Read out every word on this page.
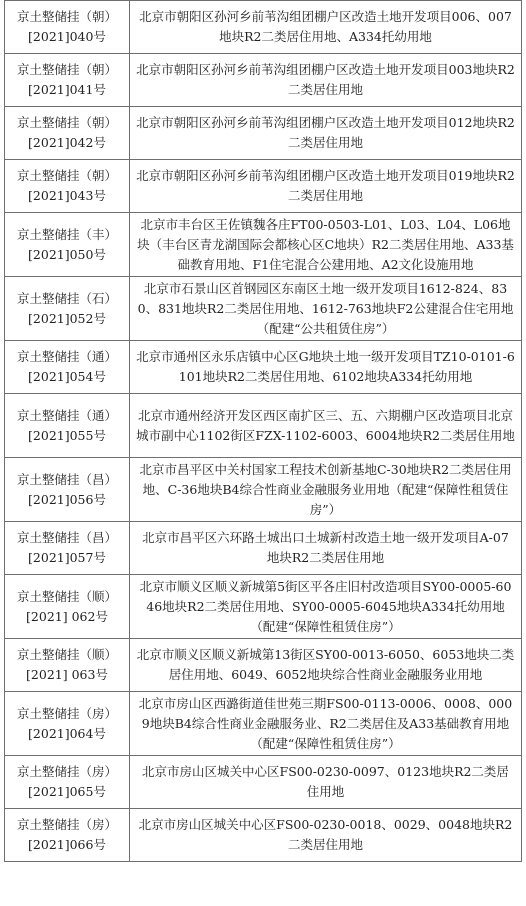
京土整储挂（朝）
[2021]040号	北京市朝阳区孙河乡前苇沟组团棚户区改造土地开发项目006、007地块R2二类居住用地、A334托幼用地

京土整储挂（朝）
[2021]041号	北京市朝阳区孙河乡前苇沟组团棚户区改造土地开发项目003地块R2二类居住用地

京土整储挂（朝）
[2021]042号	北京市朝阳区孙河乡前苇沟组团棚户区改造土地开发项目012地块R2二类居住用地

京土整储挂（朝）
[2021]043号	北京市朝阳区孙河乡前苇沟组团棚户区改造土地开发项目019地块R2二类居住用地

京土整储挂（丰）
[2021]050号	北京市丰台区王佐镇魏各庄FT00-0503-L01、L03、L04、L06地块（丰台区青龙湖国际会都核心区C地块）R2二类居住用地、A33基础教育用地、F1住宅混合公建用地、A2文化设施用地

京土整储挂（石）
[2021]052号	北京市石景山区首钢园区东南区土地一级开发项目1612-824、830、831地块R2二类居住用地、1612-763地块F2公建混合住宅用地（配建“公共租赁住房”）

京土整储挂（通）
[2021]054号	北京市通州区永乐店镇中心区G地块土地一级开发项目TZ10-0101-6101地块R2二类居住用地、6102地块A334托幼用地

京土整储挂（通）
[2021]055号	北京市通州经济开发区西区南扩区三、五、六期棚户区改造项目北京城市副中心1102街区FZX-1102-6003、6004地块R2二类居住用地

京土整储挂（昌）
[2021]056号	北京市昌平区中关村国家工程技术创新基地C-30地块R2二类居住用地、C-36地块B4综合性商业金融服务业用地（配建“保障性租赁住房”）

京土整储挂（昌）
[2021]057号	北京市昌平区六环路土城出口土城新村改造土地一级开发项目A-07地块R2二类居住用地

京土整储挂（顺）
[2021] 062号	北京市顺义区顺义新城第5街区平各庄旧村改造项目SY00-0005-6046地块R2二类居住用地、SY00-0005-6045地块A334托幼用地（配建“保障性租赁住房”）

京土整储挂（顺）
[2021] 063号	北京市顺义区顺义新城第13街区SY00-0013-6050、6053地块二类居住用地、6049、6052地块综合性商业金融服务业用地

京土整储挂（房）
[2021]064号	北京市房山区西潞街道佳世苑三期FS00-0113-0006、0008、0009地块B4综合性商业金融服务业、R2二类居住及A33基础教育用地（配建“保障性租赁住房”）

京土整储挂（房）
[2021]065号	北京市房山区城关中心区FS00-0230-0097、0123地块R2二类居住用地

京土整储挂（房）
[2021]066号	北京市房山区城关中心区FS00-0230-0018、0029、0048地块R2二类居住用地
